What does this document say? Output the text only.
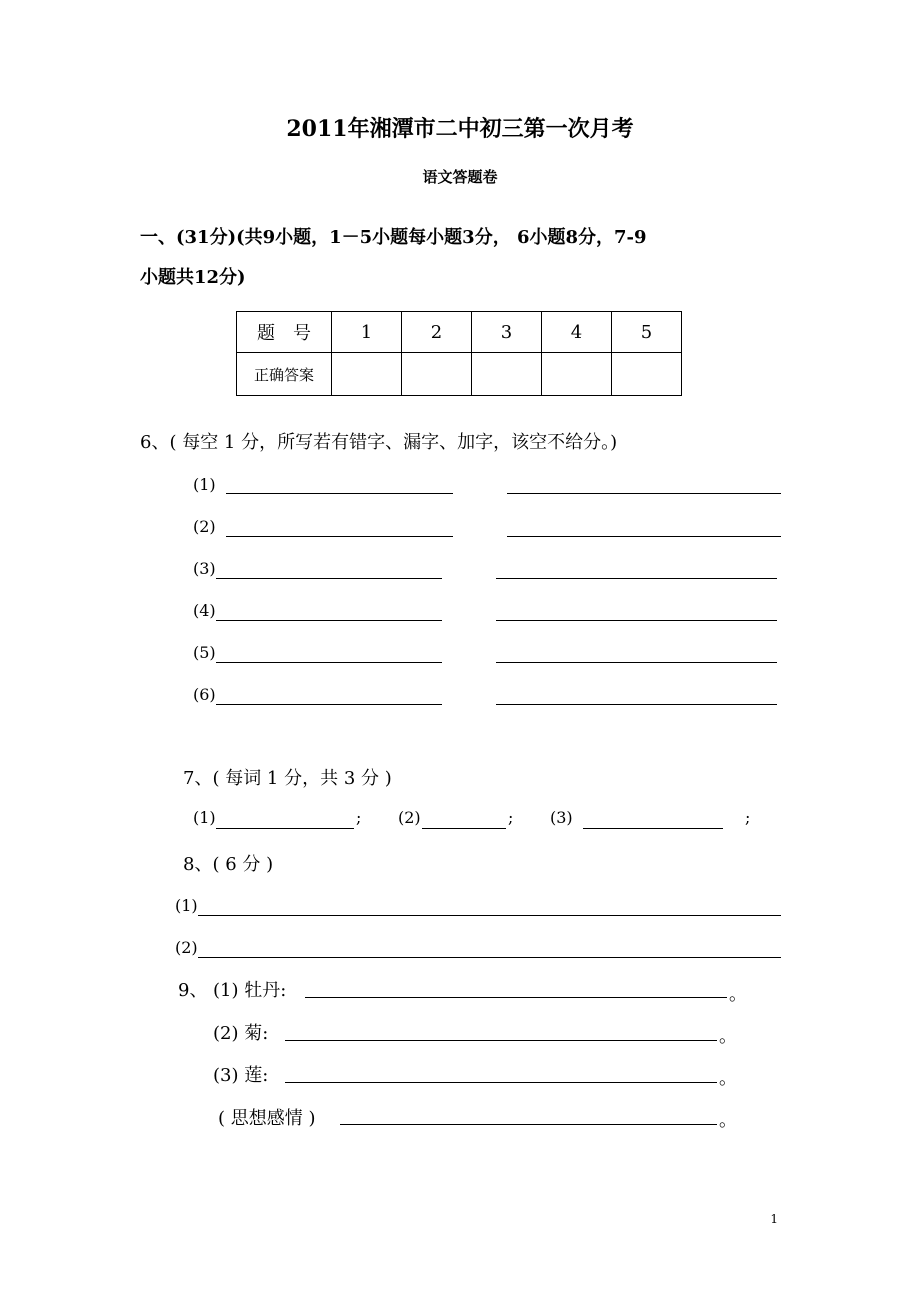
2011年湘潭市二中初三第一次月考
语文答题卷
一、(31分)(共9小题，1－5小题每小题3分， 6小题8分，7-9
小题共12分)
题　号	1	2	3	4	5
正确答案					
6、( 每空 1 分，所写若有错字、漏字、加字，该空不给分。)
(1)
(2)
(3)
(4)
(5)
(6)
7、( 每词 1 分，共 3 分 )
(1)	; (2)	; (3)	;
8、( 6 分 )
(1)
(2)
9、 (1) 牡丹:	。
(2) 菊:	。
(3) 莲:	。
( 思想感情 )	。
1
